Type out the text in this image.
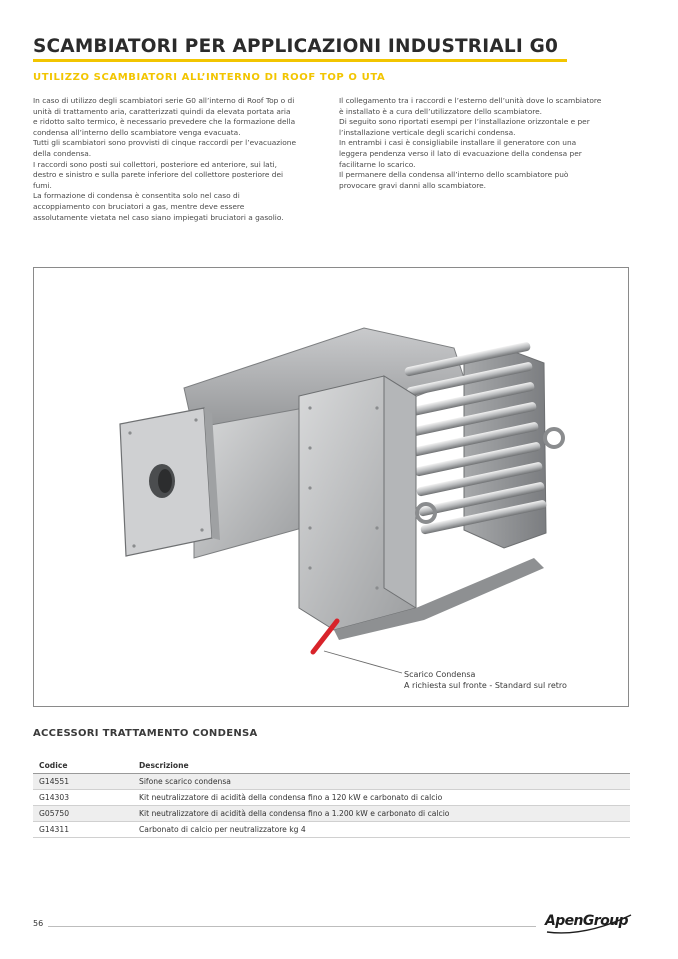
SCAMBIATORI PER APPLICAZIONI INDUSTRIALI G0
UTILIZZO SCAMBIATORI ALL’INTERNO DI ROOF TOP O UTA

In caso di utilizzo degli scambiatori serie G0 all’interno di Roof Top o di
unità di trattamento aria, caratterizzati quindi da elevata portata aria
e ridotto salto termico, è necessario prevedere che la formazione della
condensa all’interno dello scambiatore venga evacuata.
Tutti gli scambiatori sono provvisti di cinque raccordi per l’evacuazione
della condensa.
I raccordi sono posti sui collettori, posteriore ed anteriore, sui lati,
destro e sinistro e sulla parete inferiore del collettore posteriore dei
fumi.
La formazione di condensa è consentita solo nel caso di
accoppiamento con bruciatori a gas, mentre deve essere
assolutamente vietata nel caso siano impiegati bruciatori a gasolio.

Il collegamento tra i raccordi e l’esterno dell’unità dove lo scambiatore
è installato è a cura dell’utilizzatore dello scambiatore.
Di seguito sono riportati esempi per l’installazione orizzontale e per
l’installazione verticale degli scarichi condensa.
In entrambi i casi è consigliabile installare il generatore con una
leggera pendenza verso il lato di evacuazione della condensa per
facilitarne lo scarico.
Il permanere della condensa all’interno dello scambiatore può
provocare gravi danni allo scambiatore.

Scarico Condensa
A richiesta sul fronte - Standard sul retro
ACCESSORI TRATTAMENTO CONDENSA
Codice	Descrizione
G14551	Sifone scarico condensa
G14303	Kit neutralizzatore di acidità della condensa fino a 120 kW e carbonato di calcio
G05750	Kit neutralizzatore di acidità della condensa fino a 1.200 kW e carbonato di calcio
G14311	Carbonato di calcio per neutralizzatore kg 4
56	ApenGroup
